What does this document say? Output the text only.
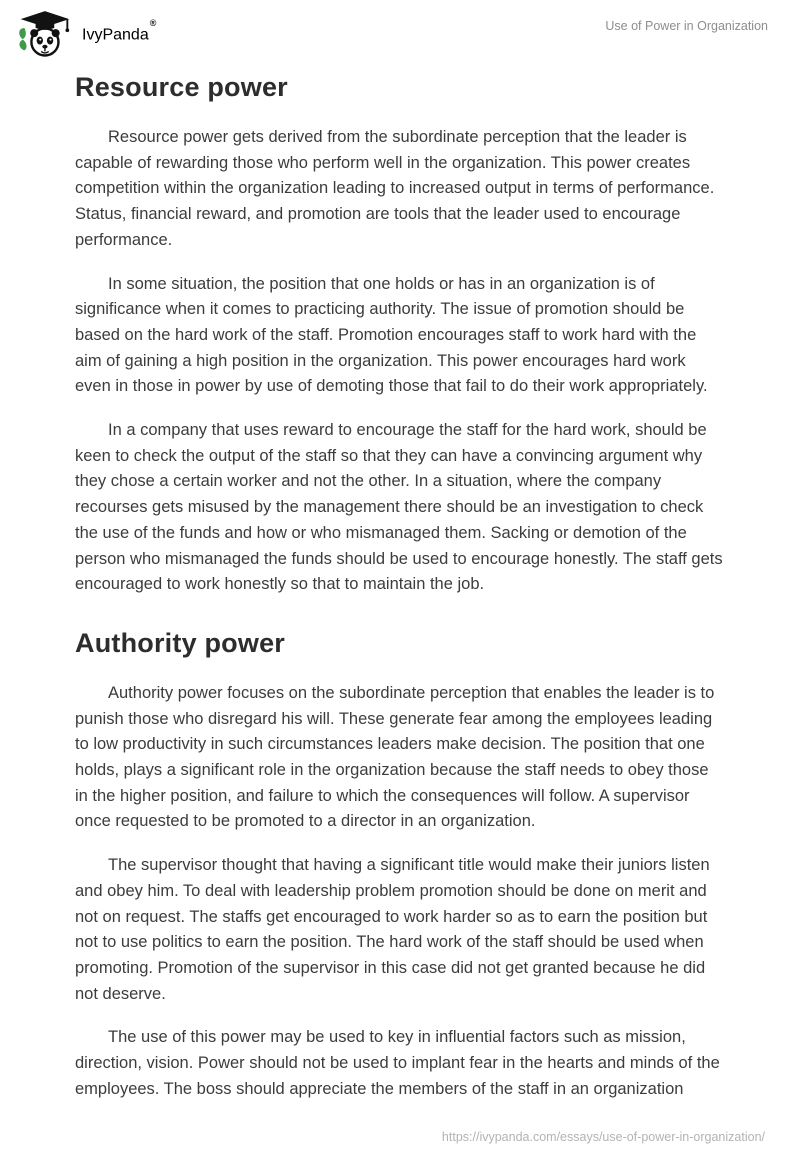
IvyPanda®	Use of Power in Organization
Resource power

Resource power gets derived from the subordinate perception that the leader is capable of rewarding those who perform well in the organization. This power creates competition within the organization leading to increased output in terms of performance. Status, financial reward, and promotion are tools that the leader used to encourage performance.

In some situation, the position that one holds or has in an organization is of significance when it comes to practicing authority. The issue of promotion should be based on the hard work of the staff. Promotion encourages staff to work hard with the aim of gaining a high position in the organization. This power encourages hard work even in those in power by use of demoting those that fail to do their work appropriately.

In a company that uses reward to encourage the staff for the hard work, should be keen to check the output of the staff so that they can have a convincing argument why they chose a certain worker and not the other. In a situation, where the company recourses gets misused by the management there should be an investigation to check the use of the funds and how or who mismanaged them. Sacking or demotion of the person who mismanaged the funds should be used to encourage honestly. The staff gets encouraged to work honestly so that to maintain the job.

Authority power

Authority power focuses on the subordinate perception that enables the leader is to punish those who disregard his will. These generate fear among the employees leading to low productivity in such circumstances leaders make decision. The position that one holds, plays a significant role in the organization because the staff needs to obey those in the higher position, and failure to which the consequences will follow. A supervisor once requested to be promoted to a director in an organization.

The supervisor thought that having a significant title would make their juniors listen and obey him. To deal with leadership problem promotion should be done on merit and not on request. The staffs get encouraged to work harder so as to earn the position but not to use politics to earn the position. The hard work of the staff should be used when promoting. Promotion of the supervisor in this case did not get granted because he did not deserve.

The use of this power may be used to key in influential factors such as mission, direction, vision. Power should not be used to implant fear in the hearts and minds of the employees. The boss should appreciate the members of the staff in an organization

https://ivypanda.com/essays/use-of-power-in-organization/
